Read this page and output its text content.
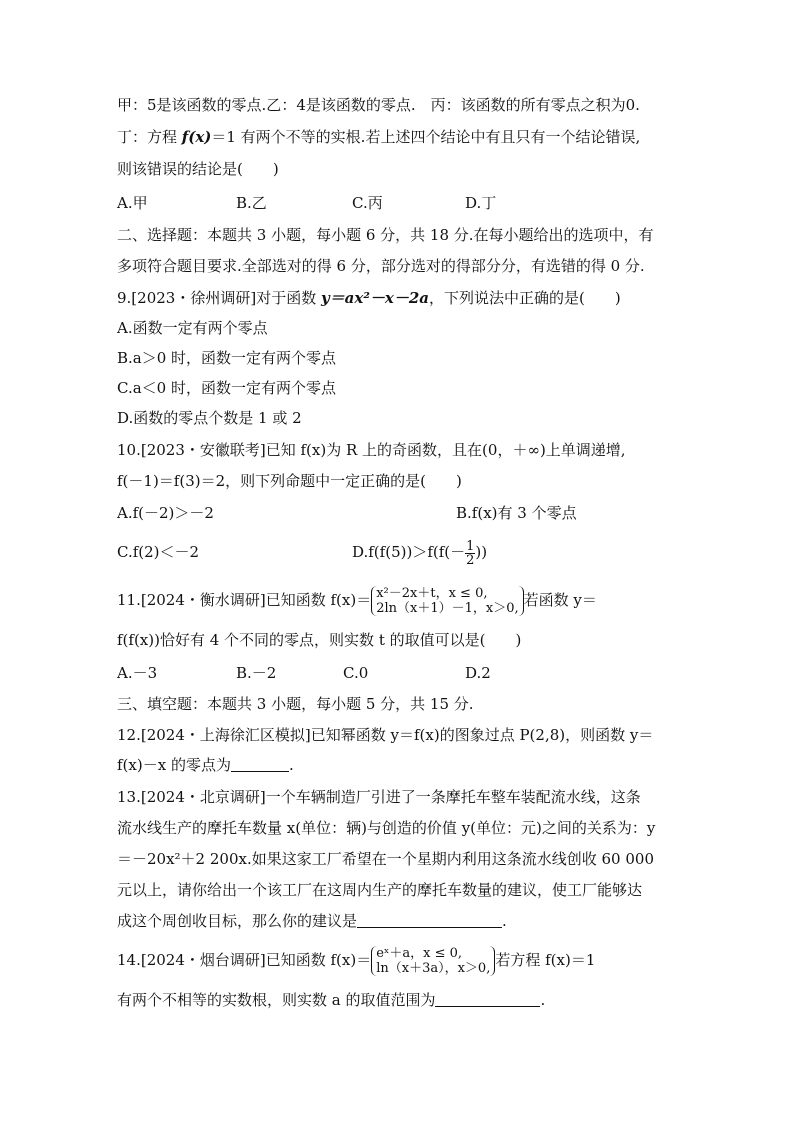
甲：5是该函数的零点.乙：4是该函数的零点.　丙：该函数的所有零点之积为0.
丁：方程 f(x)＝1 有两个不等的实根.若上述四个结论中有且只有一个结论错误,
则该错误的结论是(　　)
A.甲	B.乙	C.丙	D.丁
二、选择题：本题共 3 小题，每小题 6 分，共 18 分.在每小题给出的选项中，有
多项符合题目要求.全部选对的得 6 分，部分选对的得部分分，有选错的得 0 分.
9.[2023・徐州调研]对于函数 y＝ax²－x－2a，下列说法中正确的是(　　)
A.函数一定有两个零点
B.a＞0 时，函数一定有两个零点
C.a＜0 时，函数一定有两个零点
D.函数的零点个数是 1 或 2
10.[2023・安徽联考]已知 f(x)为 R 上的奇函数，且在(0，＋∞)上单调递增,
f(－1)＝f(3)＝2，则下列命题中一定正确的是(　　)
A.f(－2)＞－2	B.f(x)有 3 个零点
C.f(2)＜－2	$D.f(f(5))>f(f(- \frac{1}{2}$ ))
11.[2024・衡水调研]已知函数 f(x)＝ x²－2x＋t，x ≤ 0,
2ln（x＋1）－1，x＞0, 若函数 y＝
f(f(x))恰好有 4 个不同的零点，则实数 t 的取值可以是(　　)
A.－3	B.－2	C.0	D.2
三、填空题：本题共 3 小题，每小题 5 分，共 15 分.
12.[2024・上海徐汇区模拟]已知幂函数 y＝f(x)的图象过点 P(2,8)，则函数 y＝
f(x)－x 的零点为	.
13.[2024・北京调研]一个车辆制造厂引进了一条摩托车整车装配流水线，这条
流水线生产的摩托车数量 x(单位：辆)与创造的价值 y(单位：元)之间的关系为：y
＝－20x²＋2 200x.如果这家工厂希望在一个星期内利用这条流水线创收 60 000
元以上，请你给出一个该工厂在这周内生产的摩托车数量的建议，使工厂能够达
成这个周创收目标，那么你的建议是	.
14.[2024・烟台调研]已知函数 f(x)＝ eˣ＋a，x ≤ 0,
ln（x＋3a），x＞0, 若方程 f(x)＝1
有两个不相等的实数根，则实数 a 的取值范围为	.
